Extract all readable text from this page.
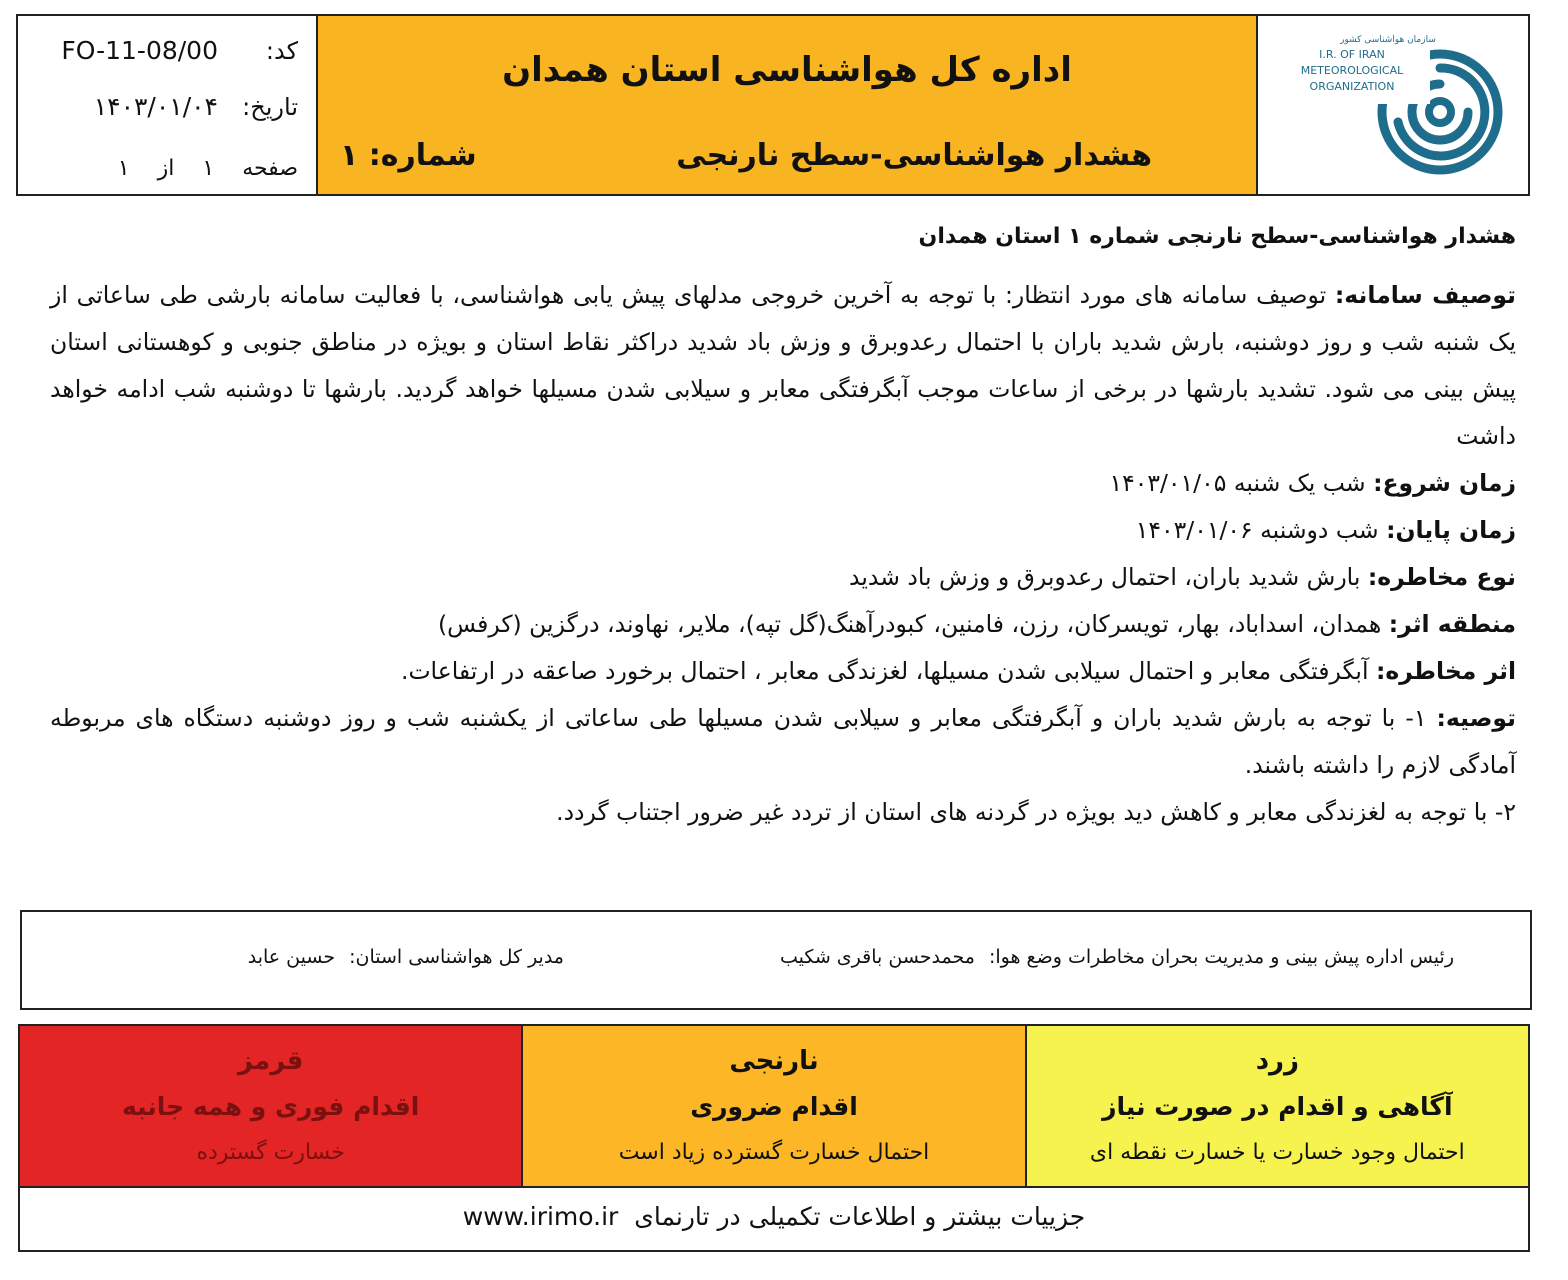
کد:
FO-11-08/00
تاریخ:
۱۴۰۳/۰۱/۰۴
صفحه
۱
از
۱
اداره کل هواشناسی استان همدان
هشدار هواشناسی-سطح نارنجی
شماره: ۱
سازمان هواشناسی کشور
I.R. OF IRAN
METEOROLOGICAL
ORGANIZATION
هشدار هواشناسی-سطح نارنجی شماره ۱ استان همدان

توصیف سامانه: توصیف سامانه های مورد انتظار: با توجه به آخرین خروجی مدلهای پیش یابی هواشناسی، با فعالیت سامانه بارشی طی ساعاتی از یک شنبه شب و روز دوشنبه، بارش شدید باران با احتمال رعدوبرق و وزش باد شدید دراکثر نقاط استان و بویژه در مناطق جنوبی و کوهستانی استان پیش بینی می شود. تشدید بارشها در برخی از ساعات موجب آبگرفتگی معابر و سیلابی شدن مسیلها خواهد گردید. بارشها تا دوشنبه شب ادامه خواهد داشت

زمان شروع: شب یک شنبه ۱۴۰۳/۰۱/۰۵

زمان پایان: شب دوشنبه ۱۴۰۳/۰۱/۰۶

نوع مخاطره: بارش شدید باران، احتمال رعدوبرق و وزش باد شدید

منطقه اثر: همدان، اسداباد، بهار، تویسرکان، رزن، فامنین، کبودرآهنگ(گل تپه)، ملایر، نهاوند، درگزین (کرفس)

اثر مخاطره: آبگرفتگی معابر و احتمال سیلابی شدن مسیلها، لغزندگی معابر ، احتمال برخورد صاعقه در ارتفاعات.

توصیه: ۱- با توجه به بارش شدید باران و آبگرفتگی معابر و سیلابی شدن مسیلها طی ساعاتی از یکشنبه شب و روز دوشنبه دستگاه های مربوطه آمادگی لازم را داشته باشند.

۲- با توجه به لغزندگی معابر و کاهش دید بویژه در گردنه های استان از تردد غیر ضرور اجتناب گردد.

رئیس اداره پیش بینی و مدیریت بحران مخاطرات وضع هوا: محمدحسن باقری شکیب
مدیر کل هواشناسی استان: حسین عابد
زرد
آگاهی و اقدام در صورت نیاز
احتمال وجود خسارت یا خسارت نقطه ای
نارنجی
اقدام ضروری
احتمال خسارت گسترده زیاد است
قرمز
اقدام فوری و همه جانبه
خسارت گسترده
جزییات بیشتر و اطلاعات تکمیلی در تارنمای www.irimo.ir
